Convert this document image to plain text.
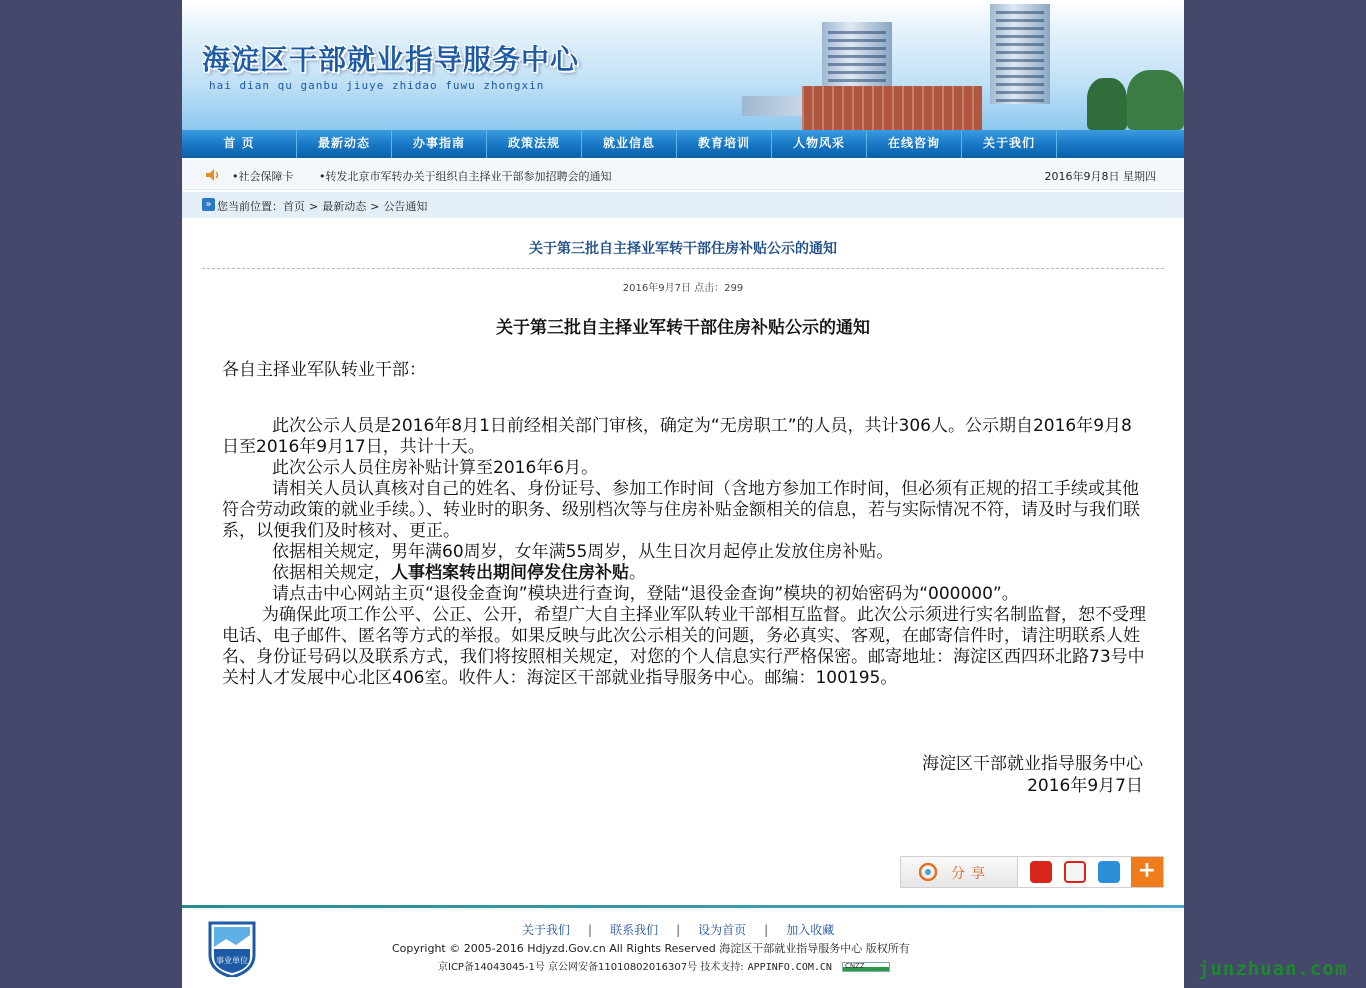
海淀区干部就业指导服务中心
hai dian qu ganbu jiuye zhidao fuwu zhongxin
首 页	最新动态	办事指南	政策法规	就业信息	教育培训	人物风采	在线咨询	关于我们
•社会保障卡 •转发北京市军转办关于组织自主择业干部参加招聘会的通知	2016年9月8日 星期四
» 您当前位置：首页 > 最新动态 > 公告通知
关于第三批自主择业军转干部住房补贴公示的通知
2016年9月7日 点击：299
关于第三批自主择业军转干部住房补贴公示的通知
各自主择业军队转业干部：

此次公示人员是2016年8月1日前经相关部门审核，确定为“无房职工”的人员，共计306人。公示期自2016年9月8日至2016年9月17日，共计十天。

此次公示人员住房补贴计算至2016年6月。

请相关人员认真核对自己的姓名、身份证号、参加工作时间（含地方参加工作时间，但必须有正规的招工手续或其他符合劳动政策的就业手续。）、转业时的职务、级别档次等与住房补贴金额相关的信息，若与实际情况不符，请及时与我们联系，以便我们及时核对、更正。

依据相关规定，男年满60周岁，女年满55周岁，从生日次月起停止发放住房补贴。

依据相关规定，人事档案转出期间停发住房补贴。

请点击中心网站主页“退役金查询”模块进行查询，登陆“退役金查询”模块的初始密码为“000000”。

为确保此项工作公平、公正、公开，希望广大自主择业军队转业干部相互监督。此次公示须进行实名制监督，恕不受理电话、电子邮件、匿名等方式的举报。如果反映与此次公示相关的问题，务必真实、客观，在邮寄信件时，请注明联系人姓名、身份证号码以及联系方式，我们将按照相关规定，对您的个人信息实行严格保密。邮寄地址：海淀区西四环北路73号中关村人才发展中心北区406室。收件人：海淀区干部就业指导服务中心。邮编：100195。

海淀区干部就业指导服务中心
2016年9月7日
分享	+
事业单位
关于我们 | 联系我们 | 设为首页 | 加入收藏
Copyright © 2005-2016 Hdjyzd.Gov.cn All Rights Reserved 海淀区干部就业指导服务中心 版权所有
京ICP备14043045-1号 京公网安备11010802016307号 技术支持: APPINFO.COM.CN CNZZ	junzhuan.com
